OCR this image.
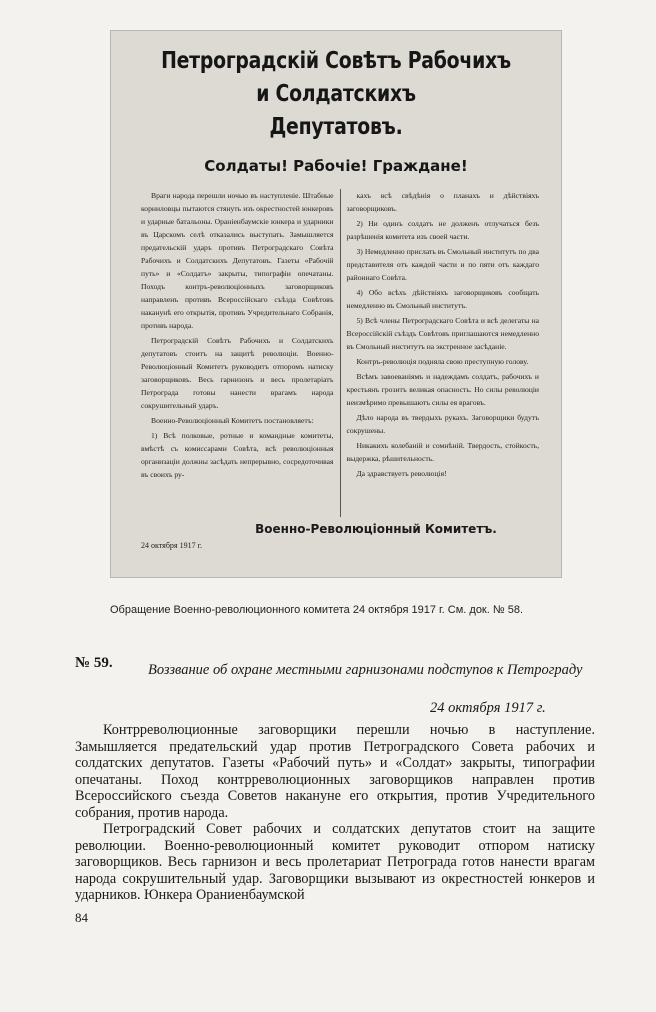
Петроградскій Совѣтъ Рабочихъ и Солдатскихъ
Депутатовъ.
Солдаты! Рабочіе! Граждане!

Враги народа перешли ночью въ наступленіе. Штабные корниловцы пытаются стянуть изъ окрестностей юнкеровъ и ударные батальоны. Ораніенбаумскіе юнкера и ударники въ Царскомъ селѣ отказались выступать. Замышляется предательскій ударъ противъ Петроградскаго Совѣта Рабочихъ и Солдатскихъ Депутатовъ. Газеты «Рабочій путь» и «Солдатъ» закрыты, типографіи опечатаны. Походъ контръ-революціонныхъ заговорщиковъ направленъ противъ Всероссійскаго съѣзда Совѣтовъ наканунѣ его открытія, противъ Учредительнаго Собранія, противъ народа.

Петроградскій Совѣтъ Рабочихъ и Солдатскихъ депутатовъ стоитъ на защитѣ революціи. Военно-Революціонный Комитетъ руководитъ отпоромъ натиску заговорщиковъ. Весь гарнизонъ и весь пролетаріатъ Петрограда готовы нанести врагамъ народа сокрушительный ударъ.

Военно-Революціонный Комитетъ постановляетъ:

1) Всѣ полковые, ротные и командные комитеты, вмѣстѣ съ комиссарами Совѣта, всѣ революціонныя организаціи должны засѣдать непрерывно, сосредоточивая въ своихъ ру-

кахъ всѣ свѣдѣнія о планахъ и дѣйствіяхъ заговорщиковъ.

2) Ни одинъ солдатъ не долженъ отлучаться безъ разрѣшенія комитета изъ своей части.

3) Немедленно прислать въ Смольный институтъ по два представителя отъ каждой части и по пяти отъ каждаго районнаго Совѣта.

4) Обо всѣхъ дѣйствіяхъ заговорщиковъ сообщать немедленно въ Смольный институтъ.

5) Всѣ члены Петроградскаго Совѣта и всѣ делегаты на Всероссійскій съѣздъ Совѣтовъ приглашаются немедленно въ Смольный институтъ на экстренное засѣданіе.

Контръ-революція подняла свою преступную голову.

Всѣмъ завоеваніямъ и надеждамъ солдатъ, рабочихъ и крестьянъ грозитъ великая опасность. Но силы революціи неизмѣримо превышаютъ силы ея враговъ.

Дѣло народа въ твердыхъ рукахъ. Заговорщики будутъ сокрушены.

Никакихъ колебаній и сомнѣній. Твердость, стойкость, выдержка, рѣшительность.

Да здравствуетъ революція!

Военно-Революціонный Комитетъ.
24 октября 1917 г.
Обращение Военно-революционного комитета 24 октября 1917 г. См. док. № 58.
№ 59. Воззвание об охране местными гарнизонами подступов к Петрограду
24 октября 1917 г.

Контрреволюционные заговорщики перешли ночью в наступление. Замышляется предательский удар против Петроградского Совета рабочих и солдатских депутатов. Газеты «Рабочий путь» и «Солдат» закрыты, типографии опечатаны. Поход контрреволюционных заговорщиков направлен против Всероссийского съезда Советов накануне его открытия, против Учредительного собрания, против народа.

Петроградский Совет рабочих и солдатских депутатов стоит на защите революции. Военно-революционный комитет руководит отпором натиску заговорщиков. Весь гарнизон и весь пролетариат Петрограда готов нанести врагам народа сокрушительный удар. Заговорщики вызывают из окрестностей юнкеров и ударников. Юнкера Ораниенбаумской

84
